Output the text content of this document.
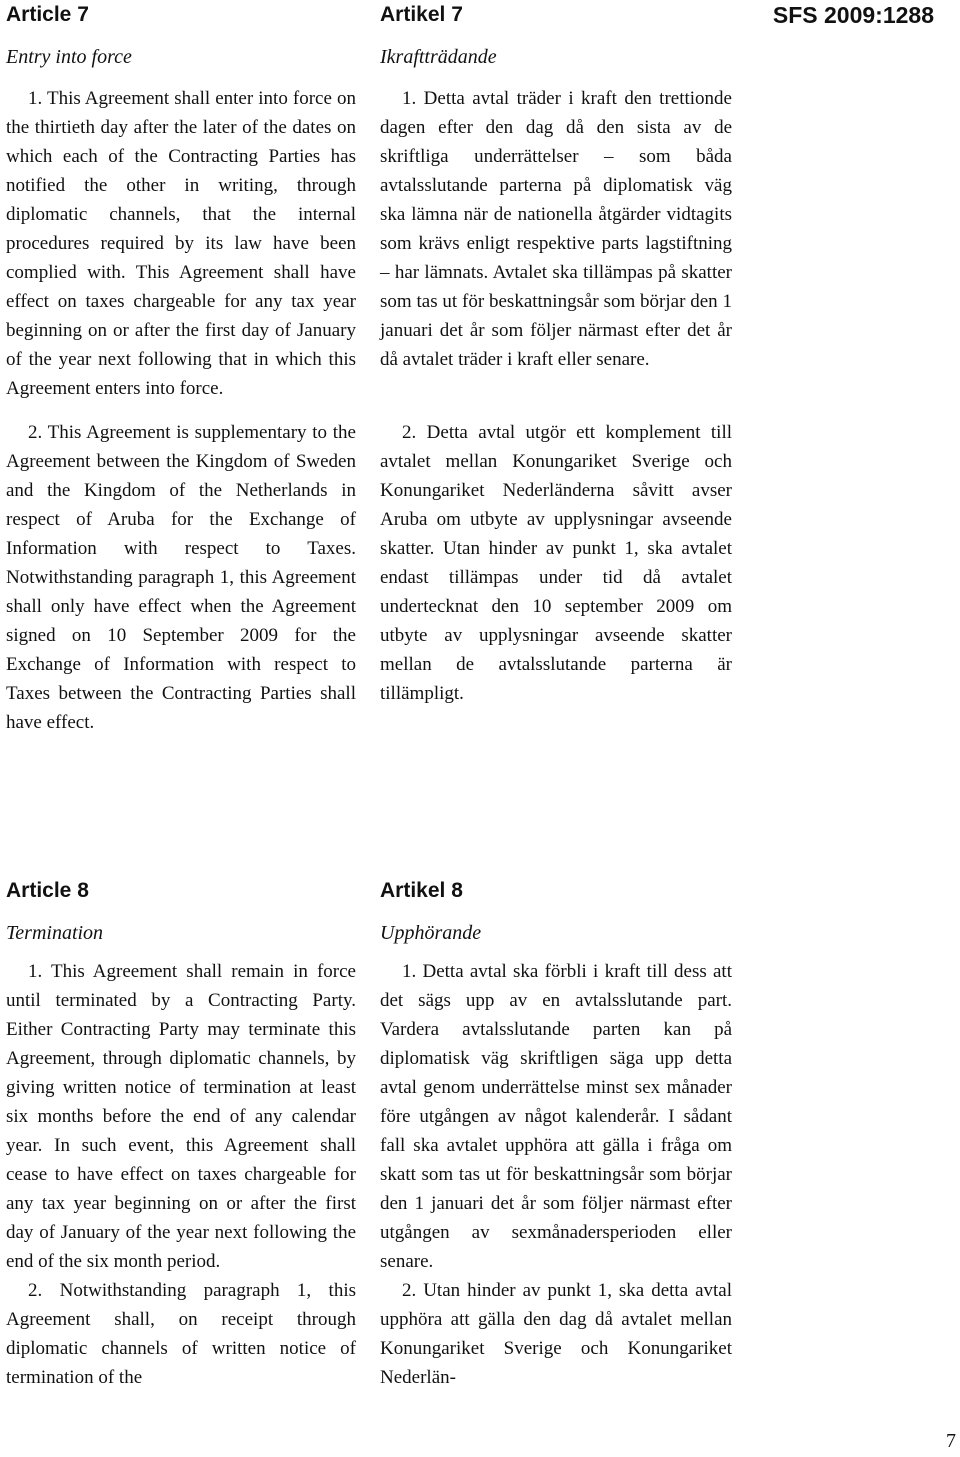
SFS 2009:1288
Article 7
Entry into force

1. This Agreement shall enter into force on the thirtieth day after the later of the dates on which each of the Contracting Parties has notified the other in writing, through diplomatic channels, that the internal procedures required by its law have been complied with. This Agreement shall have effect on taxes chargeable for any tax year beginning on or after the first day of January of the year next following that in which this Agreement enters into force.

2. This Agreement is supplementary to the Agreement between the Kingdom of Sweden and the Kingdom of the Netherlands in respect of Aruba for the Exchange of Information with respect to Taxes. Notwithstanding paragraph 1, this Agreement shall only have effect when the Agreement signed on 10 September 2009 for the Exchange of Information with respect to Taxes between the Contracting Parties shall have effect.

Article 8
Termination

1. This Agreement shall remain in force until terminated by a Contracting Party. Either Contracting Party may terminate this Agreement, through diplomatic channels, by giving written notice of termination at least six months before the end of any calendar year. In such event, this Agreement shall cease to have effect on taxes chargeable for any tax year beginning on or after the first day of January of the year next following the end of the six month period.

2. Notwithstanding paragraph 1, this Agreement shall, on receipt through diplomatic channels of written notice of termination of the

Artikel 7
Ikraftträdande

1. Detta avtal träder i kraft den trettionde dagen efter den dag då den sista av de skriftliga underrättelser – som båda avtalsslutande parterna på diplomatisk väg ska lämna när de nationella åtgärder vidtagits som krävs enligt respektive parts lagstiftning – har lämnats. Avtalet ska tillämpas på skatter som tas ut för beskattningsår som börjar den 1 januari det år som följer närmast efter det år då avtalet träder i kraft eller senare.

2. Detta avtal utgör ett komplement till avtalet mellan Konungariket Sverige och Konungariket Nederländerna såvitt avser Aruba om utbyte av upplysningar avseende skatter. Utan hinder av punkt 1, ska avtalet endast tillämpas under tid då avtalet undertecknat den 10 september 2009 om utbyte av upplysningar avseende skatter mellan de avtalsslutande parterna är tillämpligt.

Artikel 8
Upphörande

1. Detta avtal ska förbli i kraft till dess att det sägs upp av en avtalsslutande part. Vardera avtalsslutande parten kan på diplomatisk väg skriftligen säga upp detta avtal genom underrättelse minst sex månader före utgången av något kalenderår. I sådant fall ska avtalet upphöra att gälla i fråga om skatt som tas ut för beskattningsår som börjar den 1 januari det år som följer närmast efter utgången av sexmånadersperioden eller senare.

2. Utan hinder av punkt 1, ska detta avtal upphöra att gälla den dag då avtalet mellan Konungariket Sverige och Konungariket Nederlän-

7
